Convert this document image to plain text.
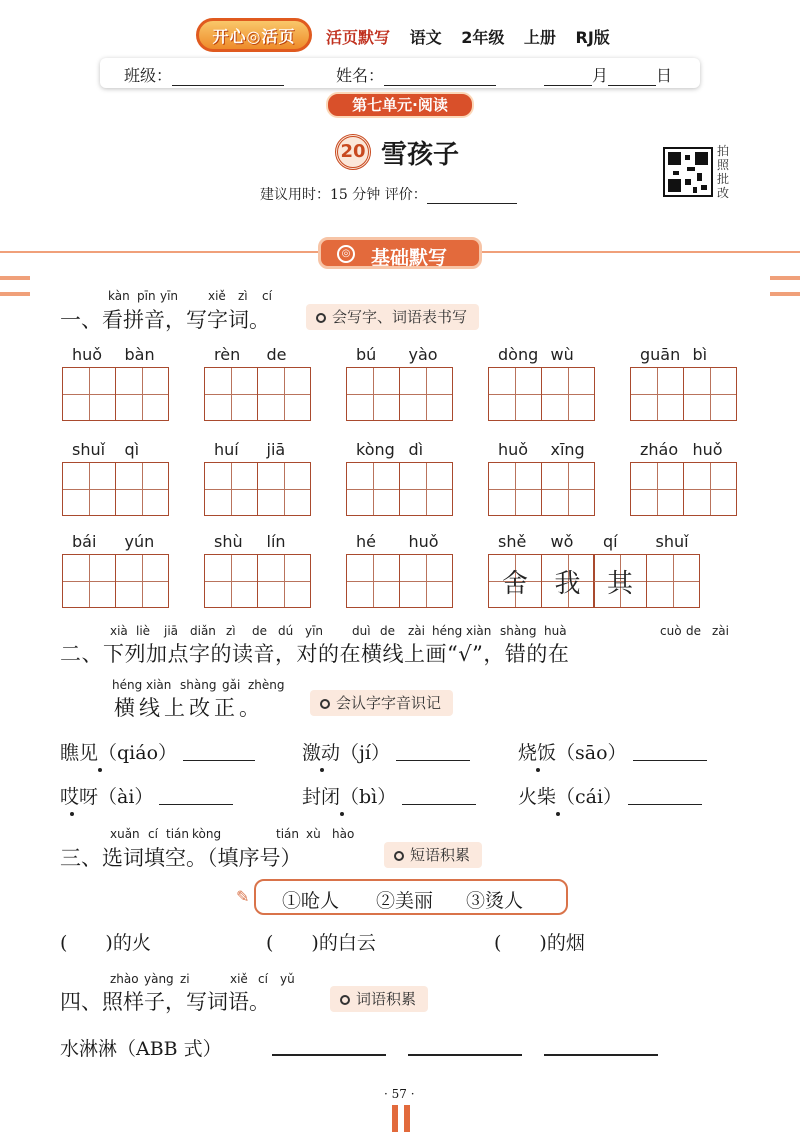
开心◎活页	活页默写 语文 2年级 上册 RJ版
班级：	姓名：	月	日
第七单元·阅读
20 雪孩子	拍照批改
建议用时：15 分钟 评价：
◎ 基础默写
kàn pīn yīn xiě zì cí
一、看拼音，写字词。	会写字、词语表书写
huǒ bàn	rèn de	bú yào	dòng wù	guān bì
shuǐ qì	huí jiā	kòng dì	huǒ xīng	zháo huǒ
bái yún	shù lín	hé huǒ	shě wǒ qí shuǐ
舍	我	其
xià liè jiā diǎn zì de dú yīn duì de zài héng xiàn shàng huà	cuò de zài
二、下列加点字的读音，对的在横线上画“√”，错的在
héng xiàn shàng gǎi zhèng
横线上改正。	会认字字音识记
瞧见（qiáo）	激动（jí）	烧饭（sāo）
哎呀（ài）	封闭（bì）	火柴（cái）
xuǎn cí tián kòng	tián xù hào
三、选词填空。（填序号）	短语积累
✎ ①呛人 ②美丽 ③烫人
(　　)的火	(　　)的白云	(　　)的烟
zhào yàng zi	xiě cí yǔ
四、照样子，写词语。	词语积累
水淋淋（ABB 式）
· 57 ·
